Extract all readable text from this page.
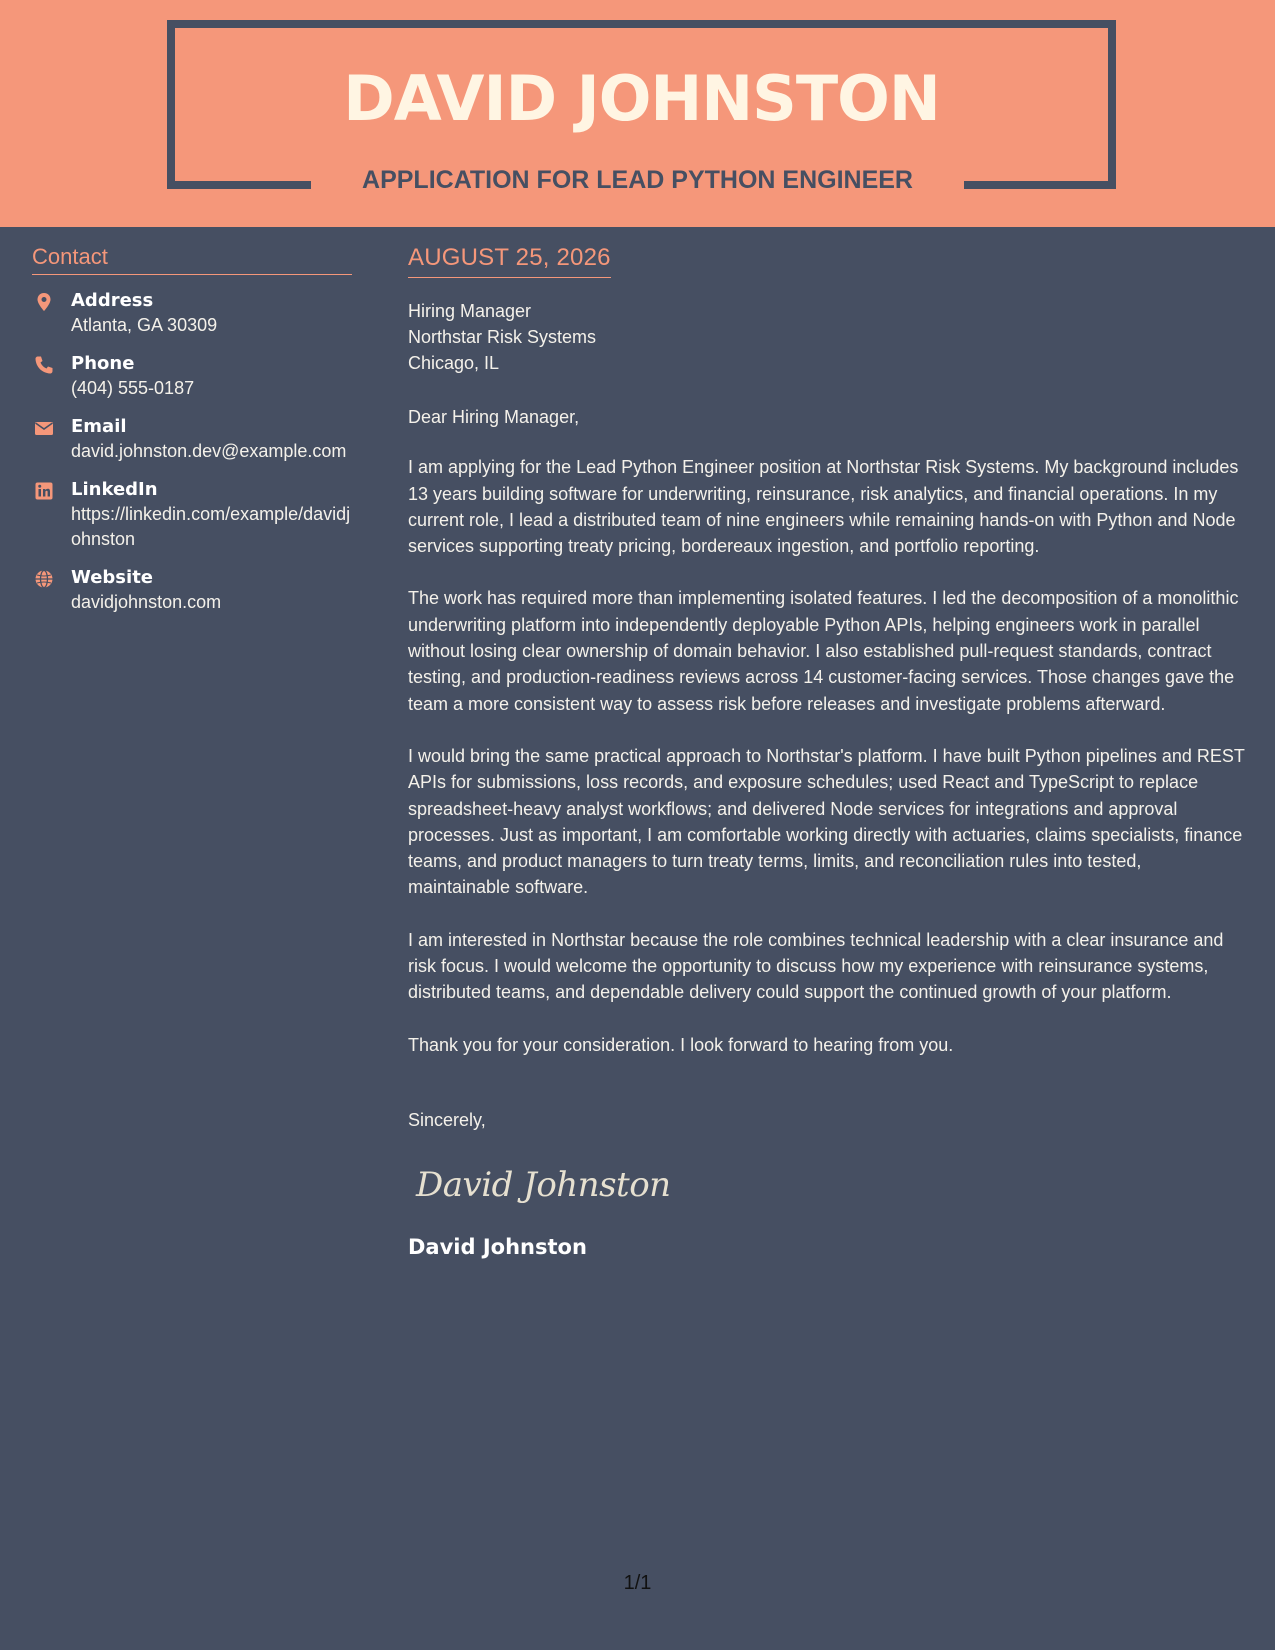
DAVID JOHNSTON
APPLICATION FOR LEAD PYTHON ENGINEER
Contact
Address
Atlanta, GA 30309
Phone
(404) 555-0187
Email
david.johnston.dev@example.com
LinkedIn
https://linkedin.com/example/davidjohnston
Website
davidjohnston.com
AUGUST 25, 2026
Hiring Manager
Northstar Risk Systems
Chicago, IL

Dear Hiring Manager,

I am applying for the Lead Python Engineer position at Northstar Risk Systems. My background includes 13 years building software for underwriting, reinsurance, risk analytics, and financial operations. In my current role, I lead a distributed team of nine engineers while remaining hands-on with Python and Node services supporting treaty pricing, bordereaux ingestion, and portfolio reporting.

The work has required more than implementing isolated features. I led the decomposition of a monolithic underwriting platform into independently deployable Python APIs, helping engineers work in parallel without losing clear ownership of domain behavior. I also established pull-request standards, contract testing, and production-readiness reviews across 14 customer-facing services. Those changes gave the team a more consistent way to assess risk before releases and investigate problems afterward.

I would bring the same practical approach to Northstar's platform. I have built Python pipelines and REST APIs for submissions, loss records, and exposure schedules; used React and TypeScript to replace spreadsheet-heavy analyst workflows; and delivered Node services for integrations and approval processes. Just as important, I am comfortable working directly with actuaries, claims specialists, finance teams, and product managers to turn treaty terms, limits, and reconciliation rules into tested, maintainable software.

I am interested in Northstar because the role combines technical leadership with a clear insurance and risk focus. I would welcome the opportunity to discuss how my experience with reinsurance systems, distributed teams, and dependable delivery could support the continued growth of your platform.

Thank you for your consideration. I look forward to hearing from you.

Sincerely,
David Johnston
David Johnston
1/1
